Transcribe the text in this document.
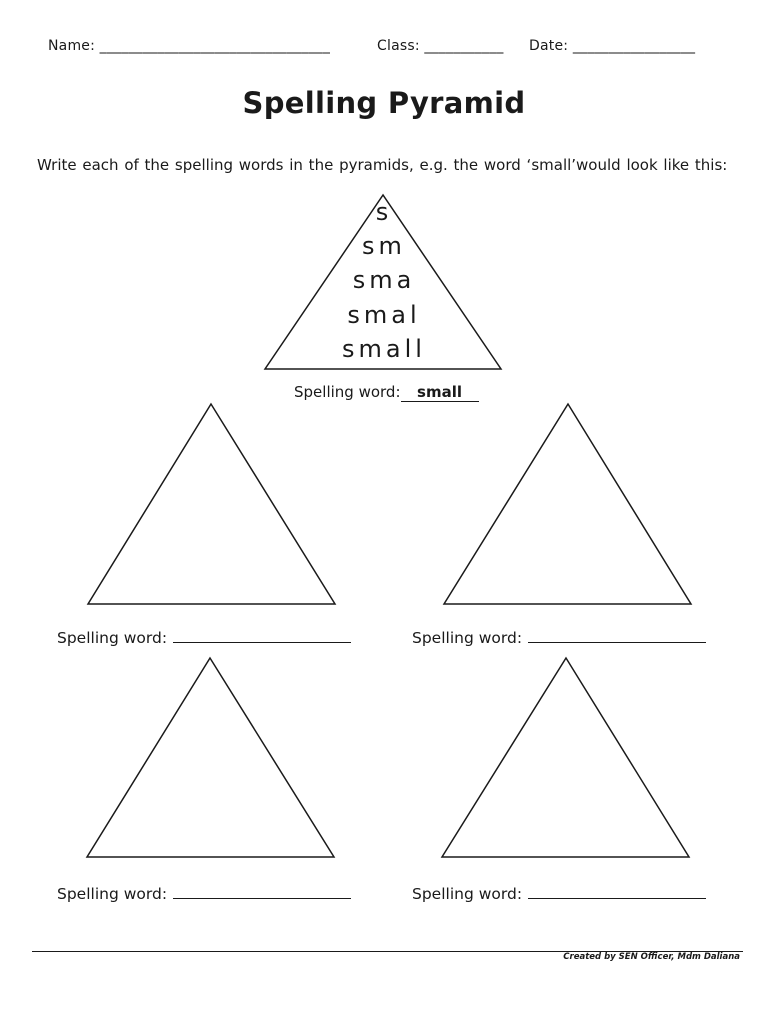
Name: ________________________________	Class: ___________ Date: _________________
Spelling Pyramid
Write each of the spelling words in the pyramids, e.g. the word ‘small’would look like this:
s
sm
sma
smal
small
Spelling word: small
Spelling word:	Spelling word:
Spelling word:	Spelling word:
Created by SEN Officer, Mdm Daliana
